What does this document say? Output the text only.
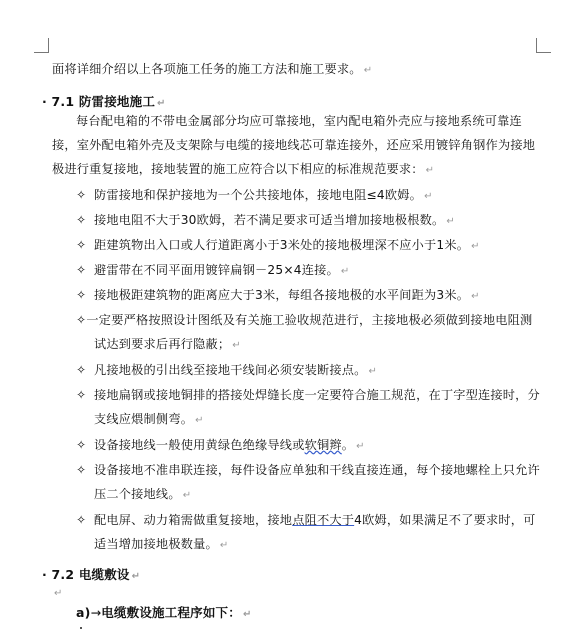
面将详细介绍以上各项施工任务的施工方法和施工要求。 ↵
· 7.1 防雷接地施工 ↵
每台配电箱的不带电金属部分均应可靠接地，室内配电箱外壳应与接地系统可靠连
接，室外配电箱外壳及支架除与电缆的接地线芯可靠连接外，还应采用镀锌角钢作为接地
极进行重复接地，接地装置的施工应符合以下相应的标准规范要求： ↵
✧ 防雷接地和保护接地为一个公共接地体，接地电阻≤4欧姆。 ↵
✧ 接地电阻不大于30欧姆，若不满足要求可适当增加接地极根数。 ↵
✧ 距建筑物出入口或人行道距离小于3米处的接地极埋深不应小于1米。 ↵
✧ 避雷带在不同平面用镀锌扁钢－25×4连接。 ↵
✧ 接地极距建筑物的距离应大于3米，每组各接地极的水平间距为3米。 ↵
✧一定要严格按照设计图纸及有关施工验收规范进行，主接地极必须做到接地电阻测
试达到要求后再行隐蔽； ↵
✧ 凡接地极的引出线至接地干线间必须安装断接点。 ↵
✧ 接地扁钢或接地铜排的搭接处焊缝长度一定要符合施工规范，在丁字型连接时，分
支线应煨制侧弯。 ↵
✧ 设备接地线一般使用黄绿色绝缘导线或软铜辫。 ↵
✧ 设备接地不准串联连接，每件设备应单独和干线直接连通，每个接地螺栓上只允许
压二个接地线。 ↵
✧ 配电屏、动力箱需做重复接地，接地点阻不大于4欧姆，如果满足不了要求时，可
适当增加接地极数量。 ↵
· 7.2 电缆敷设 ↵
↵
a)→电缆敷设施工程序如下： ↵
